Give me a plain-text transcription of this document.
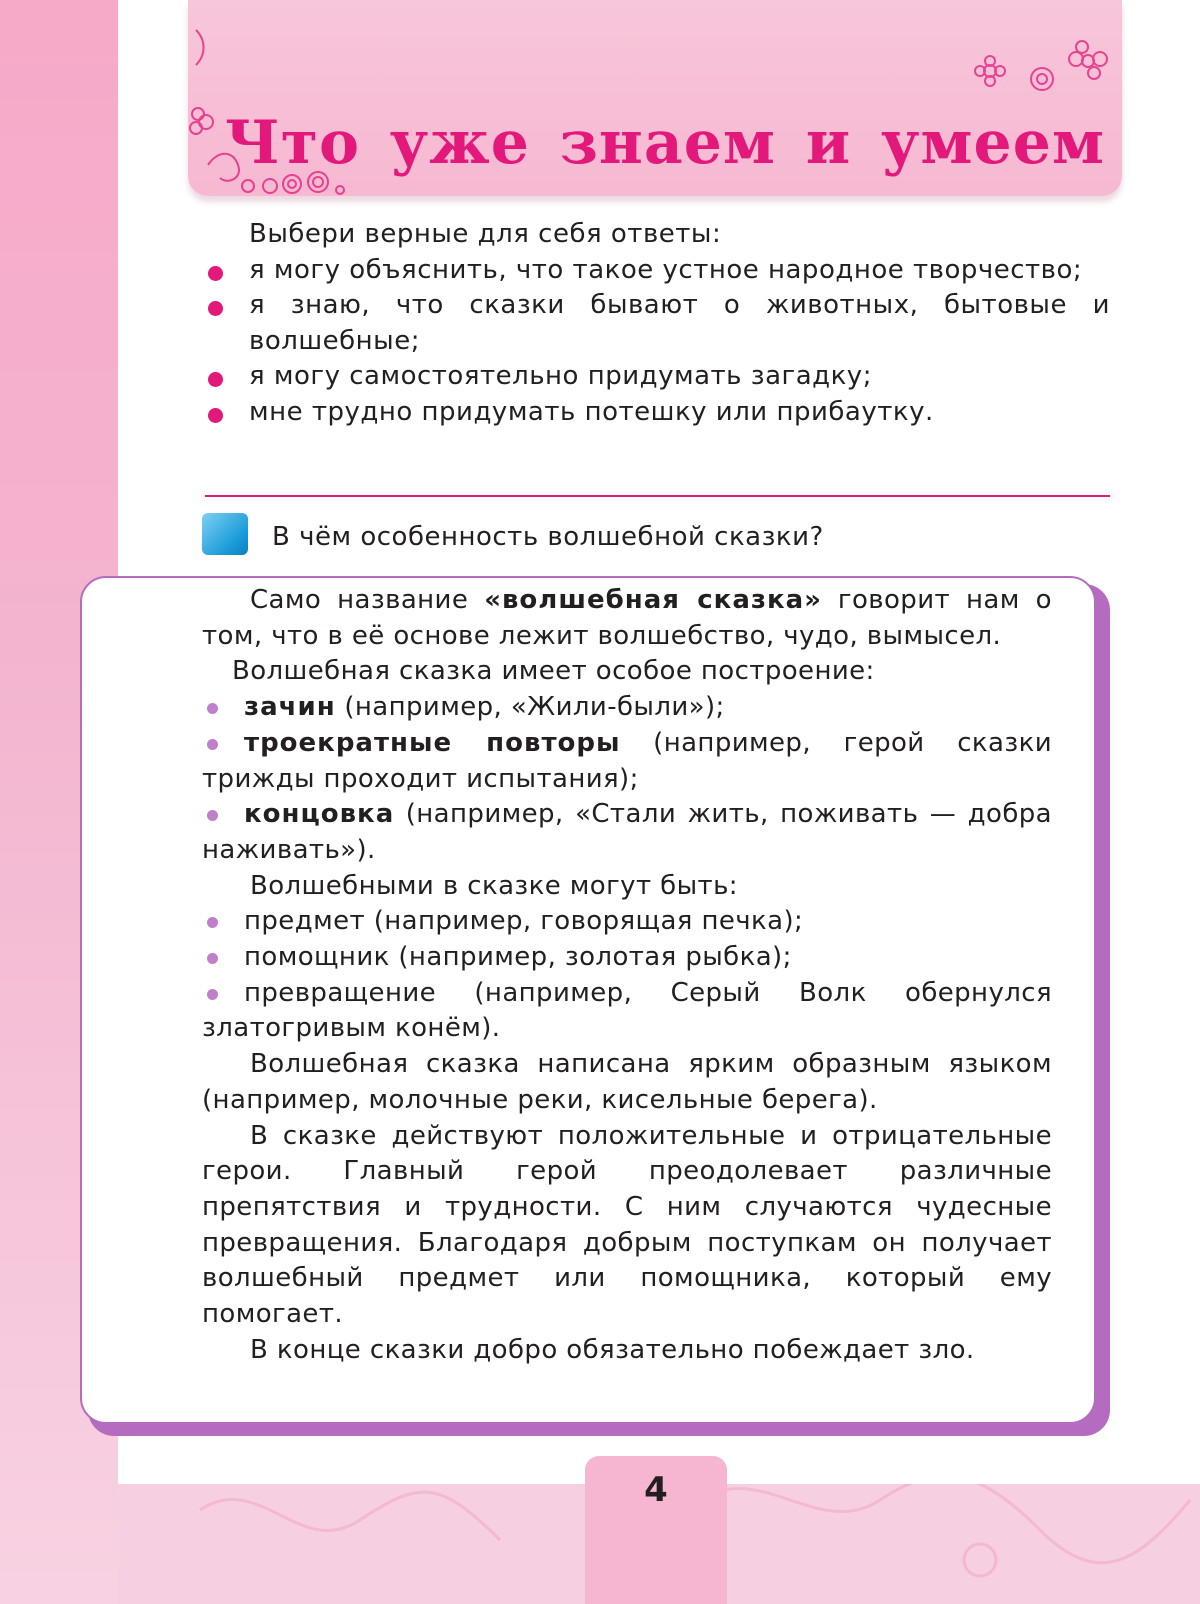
Что уже знаем и умеем
Выбери верные для себя ответы:
я могу объяснить, что такое устное народное творчество;
я знаю, что сказки бывают о животных, бытовые и волшебные;
я могу самостоятельно придумать загадку;
мне трудно придумать потешку или прибаутку.
В чём особенность волшебной сказки?

Само название «волшебная сказка» говорит нам о том, что в её основе лежит волшебство, чудо, вымысел.

Волшебная сказка имеет особое построение:

зачин (например, «Жили-были»);
троекратные повторы (например, герой сказки трижды проходит испытания);
концовка (например, «Стали жить, поживать — добра наживать»).

Волшебными в сказке могут быть:

предмет (например, говорящая печка);
помощник (например, золотая рыбка);
превращение (например, Серый Волк обернулся златогривым конём).

Волшебная сказка написана ярким образным языком (например, молочные реки, кисельные берега).

В сказке действуют положительные и отрицательные герои. Главный герой преодолевает различные препятствия и трудности. С ним случаются чудесные превращения. Благодаря добрым поступкам он получает волшебный предмет или помощника, который ему помогает.

В конце сказки добро обязательно побеждает зло.

4
